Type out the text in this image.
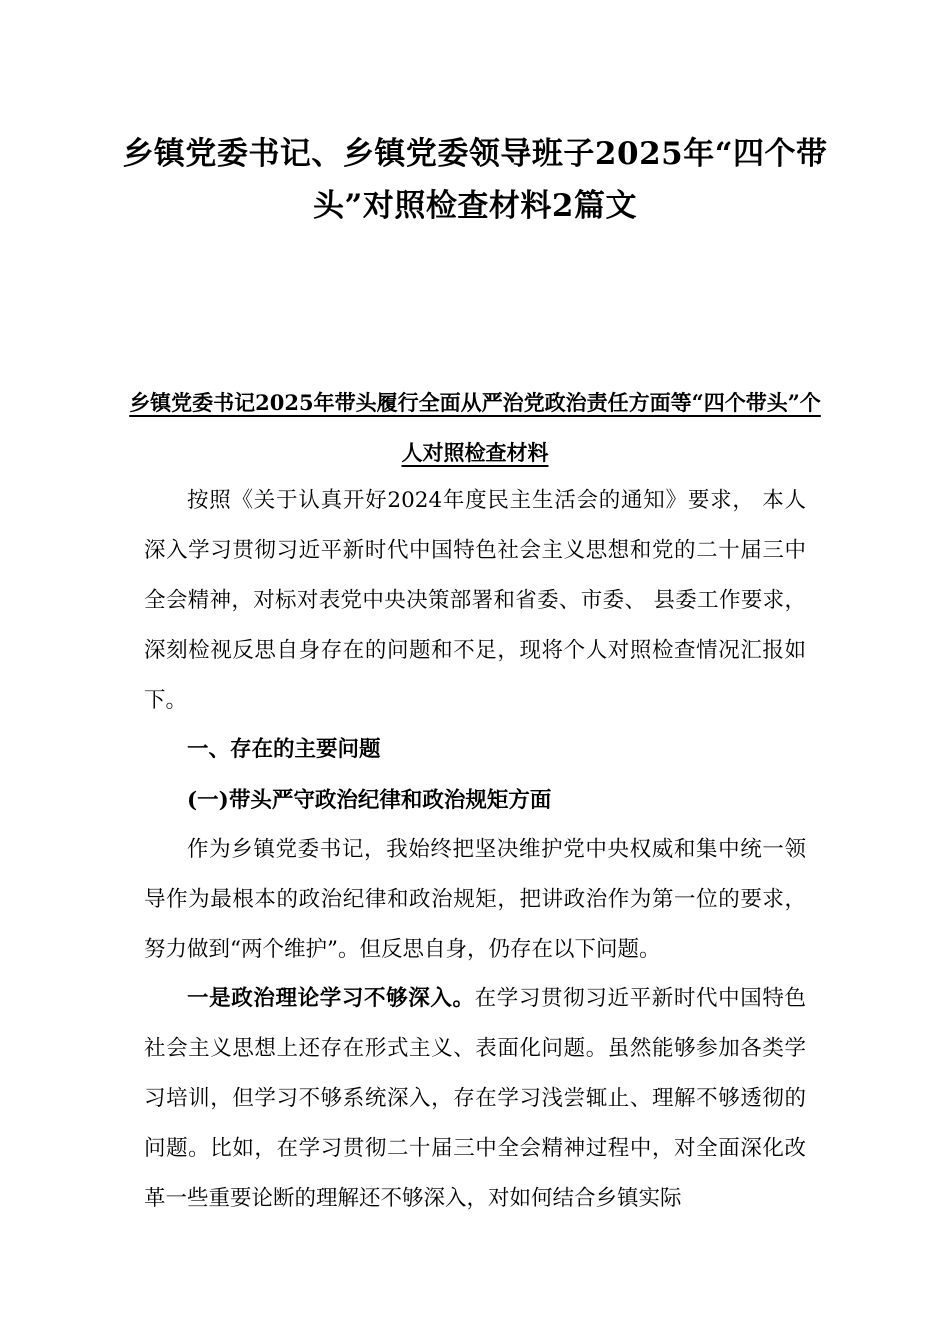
乡镇党委书记、乡镇党委领导班子2025年“四个带头”对照检查材料2篇文
乡镇党委书记2025年带头履行全面从严治党政治责任方面等“四个带头”个人对照检查材料

按照《关于认真开好2024年度民主生活会的通知》要求， 本人深入学习贯彻习近平新时代中国特色社会主义思想和党的二十届三中全会精神，对标对表党中央决策部署和省委、市委、 县委工作要求，深刻检视反思自身存在的问题和不足，现将个人对照检查情况汇报如下。

一、存在的主要问题

(一)带头严守政治纪律和政治规矩方面

作为乡镇党委书记，我始终把坚决维护党中央权威和集中统一领导作为最根本的政治纪律和政治规矩，把讲政治作为第一位的要求，努力做到“两个维护”。但反思自身，仍存在以下问题。

一是政治理论学习不够深入。在学习贯彻习近平新时代中国特色社会主义思想上还存在形式主义、表面化问题。虽然能够参加各类学习培训，但学习不够系统深入，存在学习浅尝辄止、理解不够透彻的问题。比如，在学习贯彻二十届三中全会精神过程中，对全面深化改革一些重要论断的理解还不够深入，对如何结合乡镇实际
